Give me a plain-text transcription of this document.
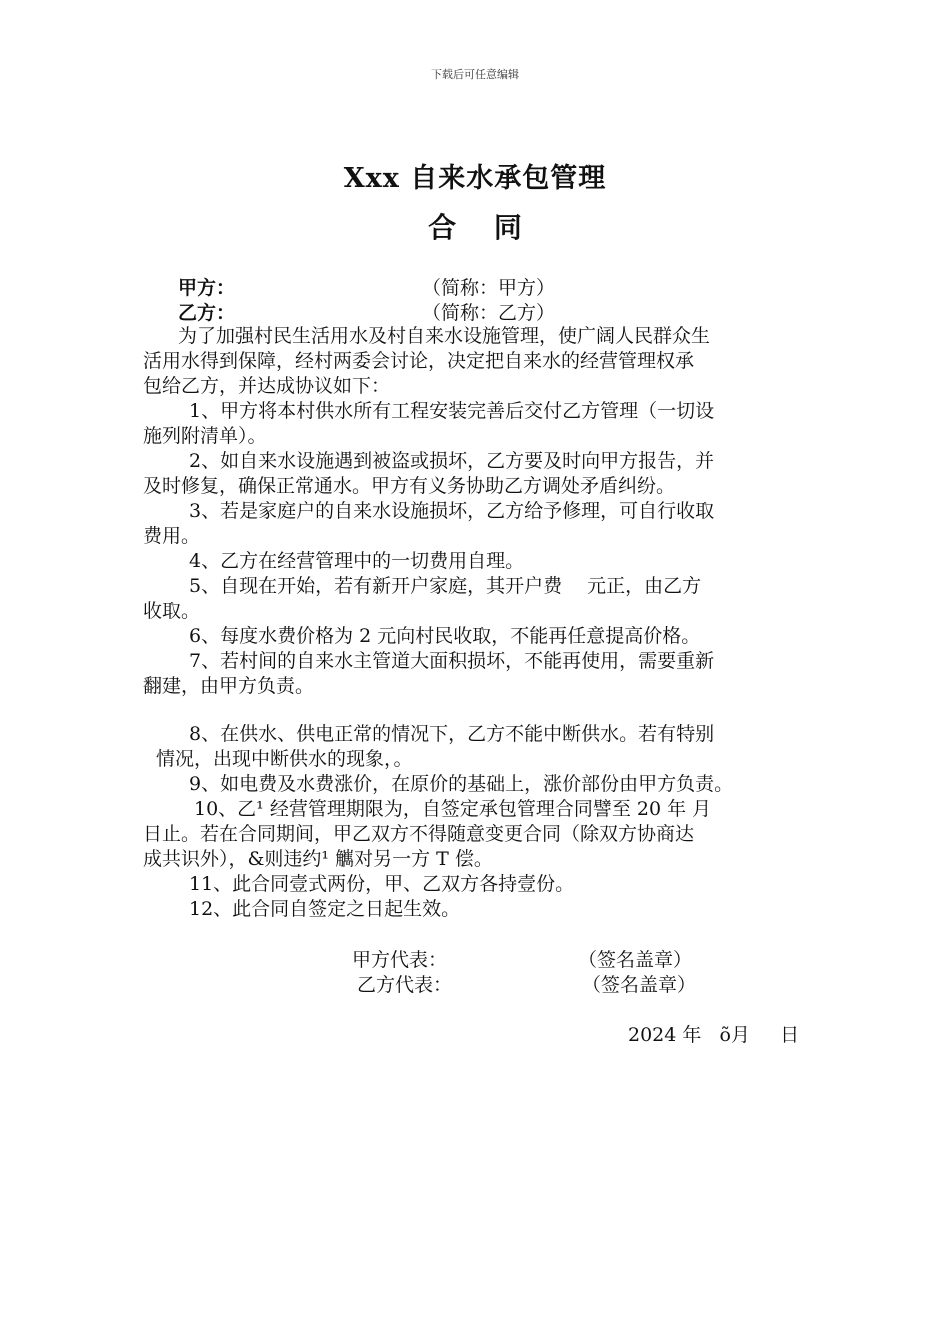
下载后可任意编辑
Xxx 自来水承包管理
合 同
甲方：	（简称：甲方）
乙方：	（简称：乙方）
为了加强村民生活用水及村自来水设施管理，使广阔人民群众生
活用水得到保障，经村两委会讨论，决定把自来水的经营管理权承
包给乙方，并达成协议如下：
1、甲方将本村供水所有工程安装完善后交付乙方管理（一切设
施列附清单）。
2、如自来水设施遇到被盗或损坏，乙方要及时向甲方报告，并
及时修复，确保正常通水。甲方有义务协助乙方调处矛盾纠纷。
3、若是家庭户的自来水设施损坏，乙方给予修理，可自行收取
费用。
4、乙方在经营管理中的一切费用自理。
5、自现在开始，若有新开户家庭，其开户费　 元正，由乙方
收取。
6、每度水费价格为 2 元向村民收取，不能再任意提高价格。
7、若村间的自来水主管道大面积损坏，不能再使用，需要重新
翻建，由甲方负责。
8、在供水、供电正常的情况下，乙方不能中断供水。若有特别
情况，出现中断供水的现象，。
9、如电费及水费涨价，在原价的基础上，涨价部份由甲方负责。
10、乙¹ 经营管理期限为，自签定承包管理合同譬至 20 年 月
日止。若在合同期间，甲乙双方不得随意变更合同（除双方协商达
成共识外），&则违约¹ 觽对另一方 T 偿。
11、此合同壹式两份，甲、乙双方各持壹份。
12、此合同自签定之日起生效。
甲方代表：	（签名盖章）
乙方代表：	（签名盖章）
2024 年   õ月     日
